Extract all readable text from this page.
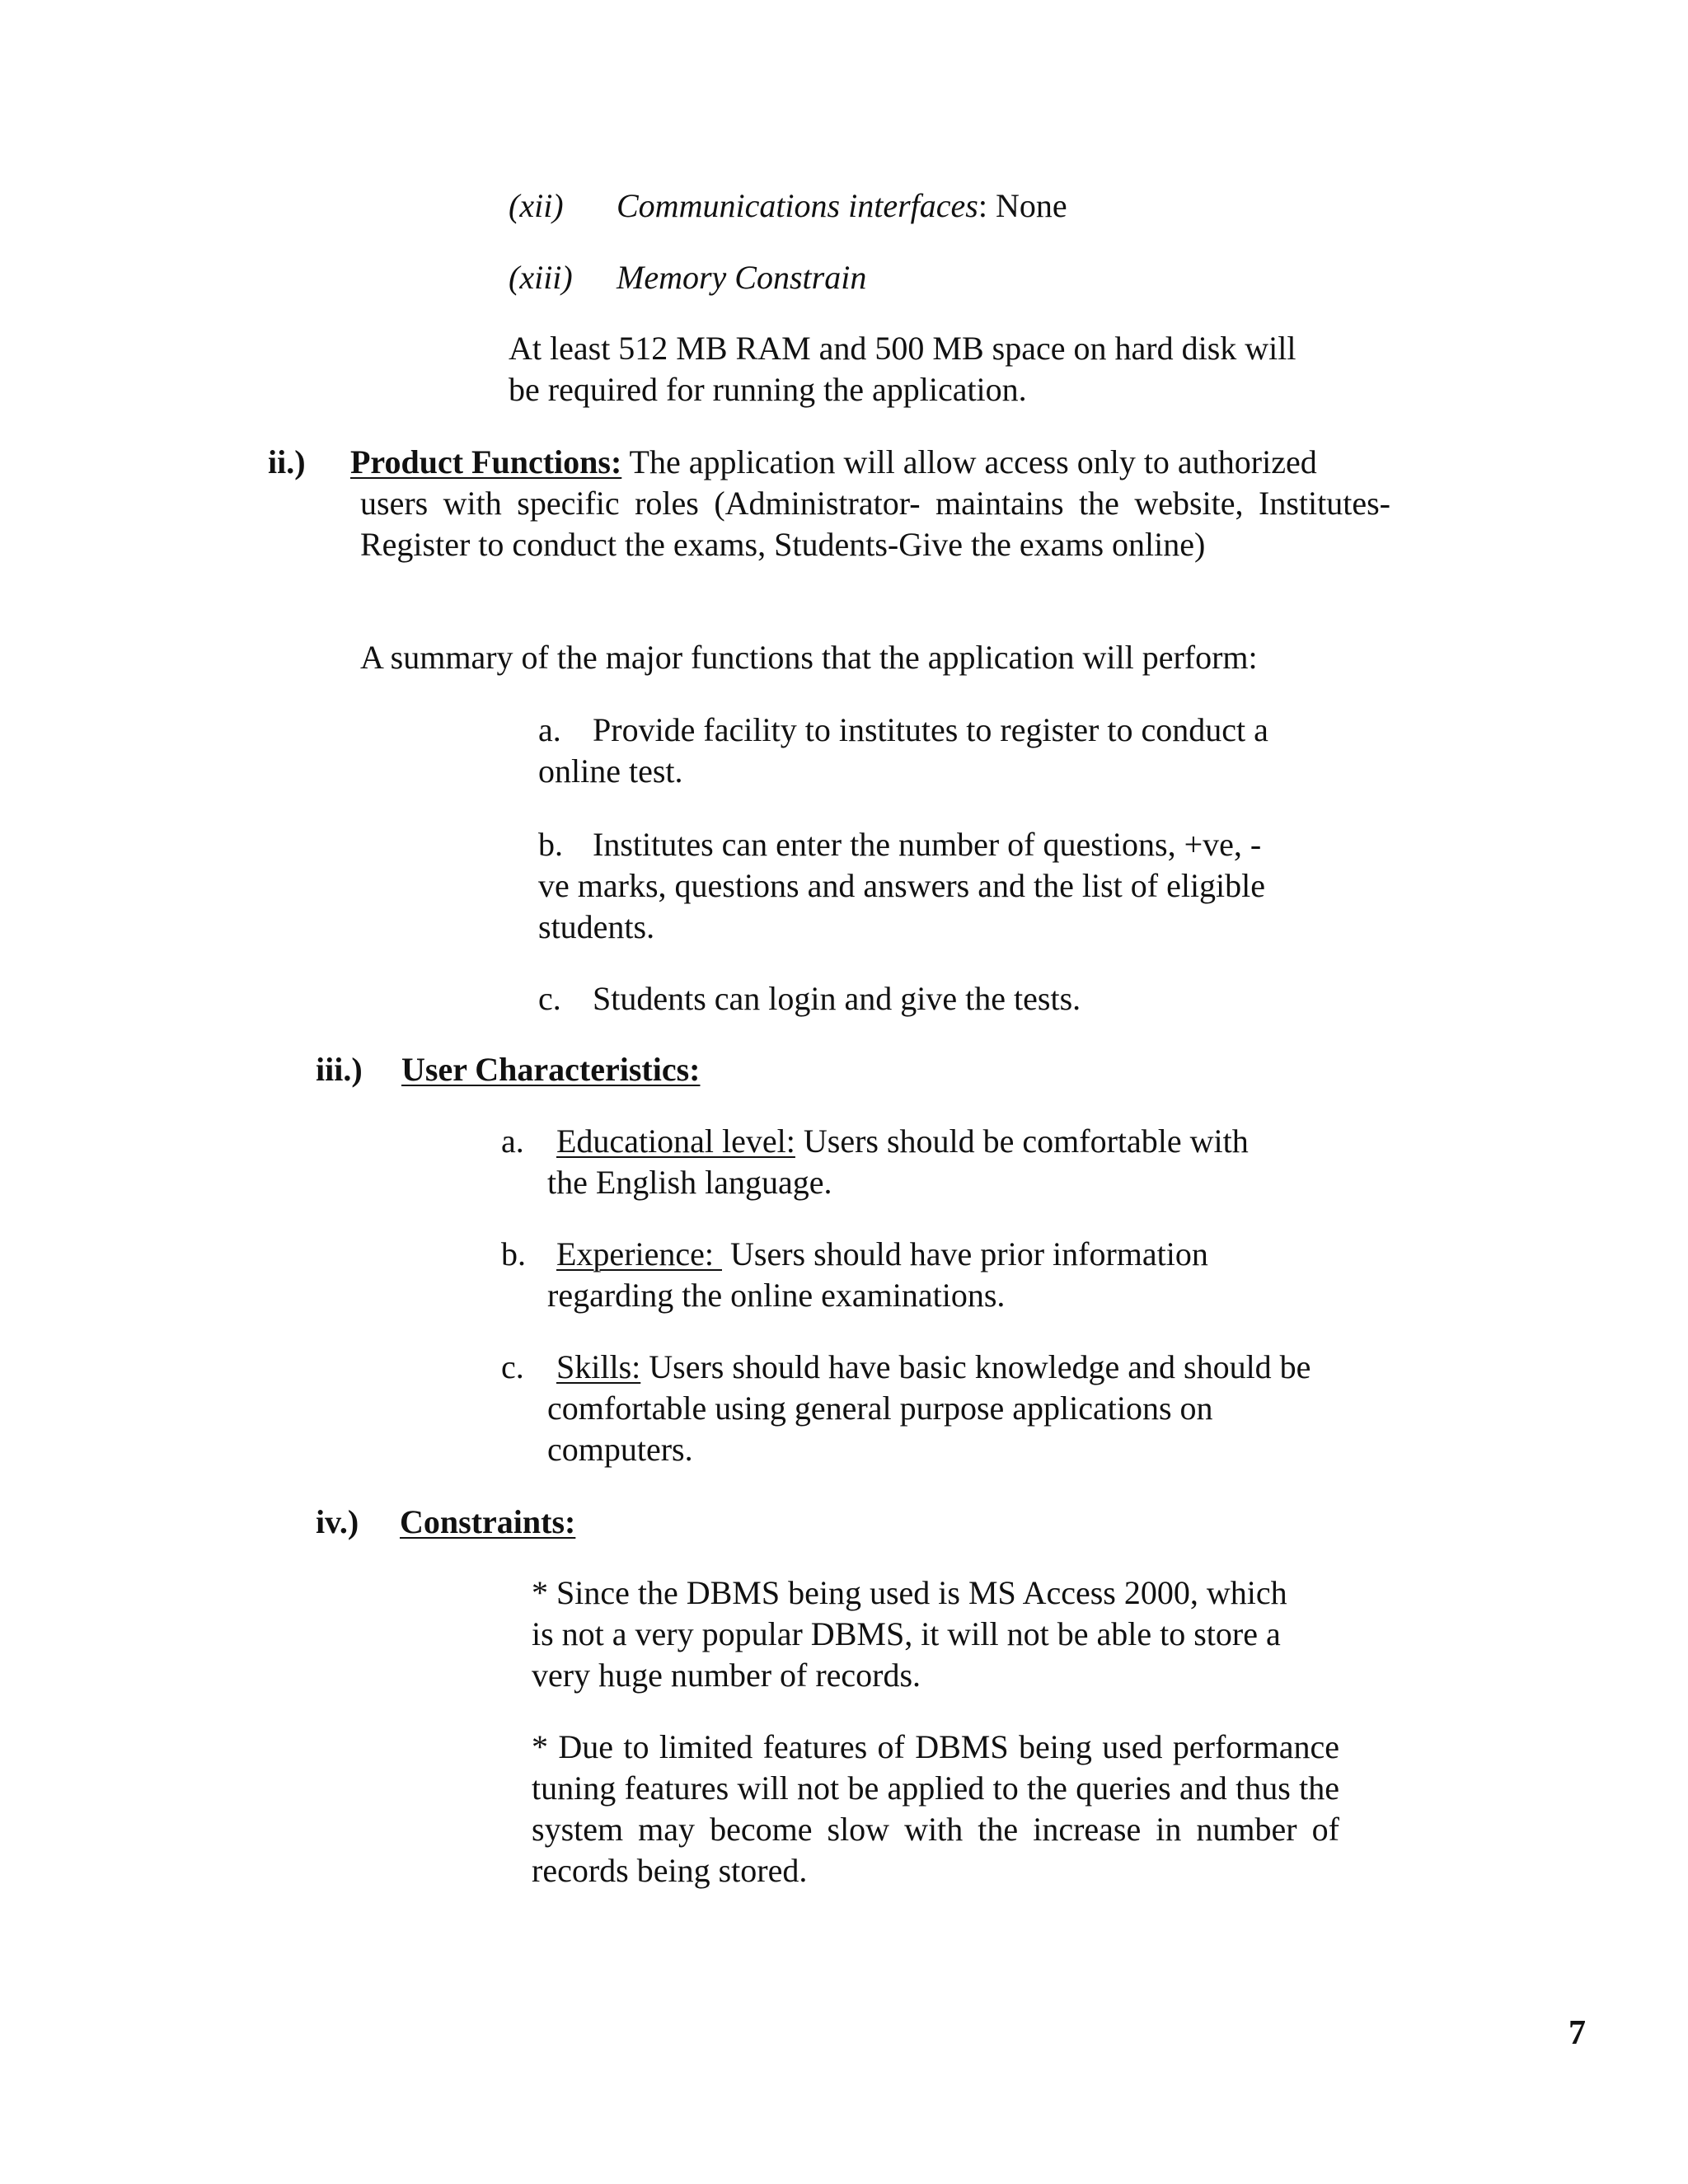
(xii) Communications interfaces: None
(xiii) Memory Constrain
At least 512 MB RAM and 500 MB space on hard disk will
be required for running the application.
ii.) Product Functions: The application will allow access only to authorized
users with specific roles (Administrator- maintains the website, Institutes-Register to conduct the exams, Students-Give the exams online)
A summary of the major functions that the application will perform:
a. Provide facility to institutes to register to conduct a
online test.
b. Institutes can enter the number of questions, +ve, -
ve marks, questions and answers and the list of eligible
students.
c. Students can login and give the tests.
iii.) User Characteristics:
a. Educational level: Users should be comfortable with
the English language.
b. Experience:  Users should have prior information
regarding the online examinations.
c. Skills: Users should have basic knowledge and should be
comfortable using general purpose applications on
computers.
iv.) Constraints:
* Since the DBMS being used is MS Access 2000, which
is not a very popular DBMS, it will not be able to store a
very huge number of records.
* Due to limited features of DBMS being used performance tuning features will not be applied to the queries and thus the system may become slow with the increase in number of records being stored.
7
